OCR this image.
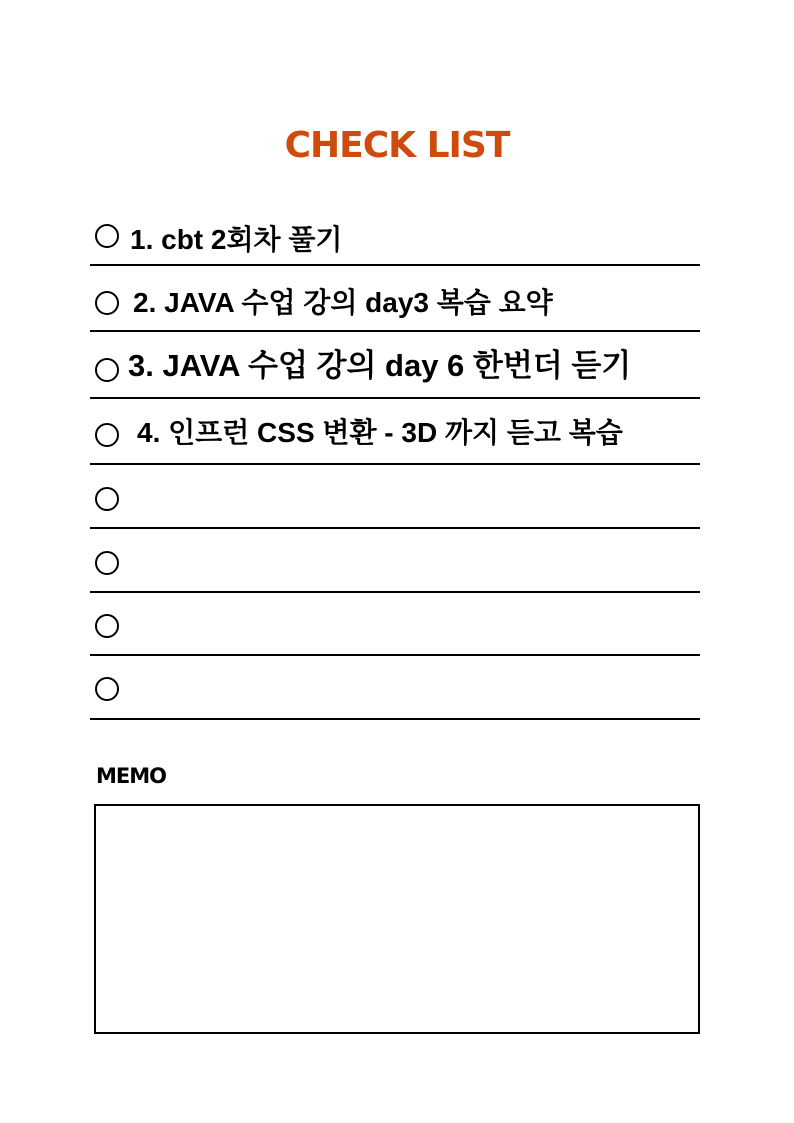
CHECK LIST
1. cbt 2회차 풀기
2. JAVA 수업 강의 day3 복습 요약
3. JAVA 수업 강의 day 6 한번더 듣기
4. 인프런 CSS 변환 - 3D 까지 듣고 복습
MEMO
